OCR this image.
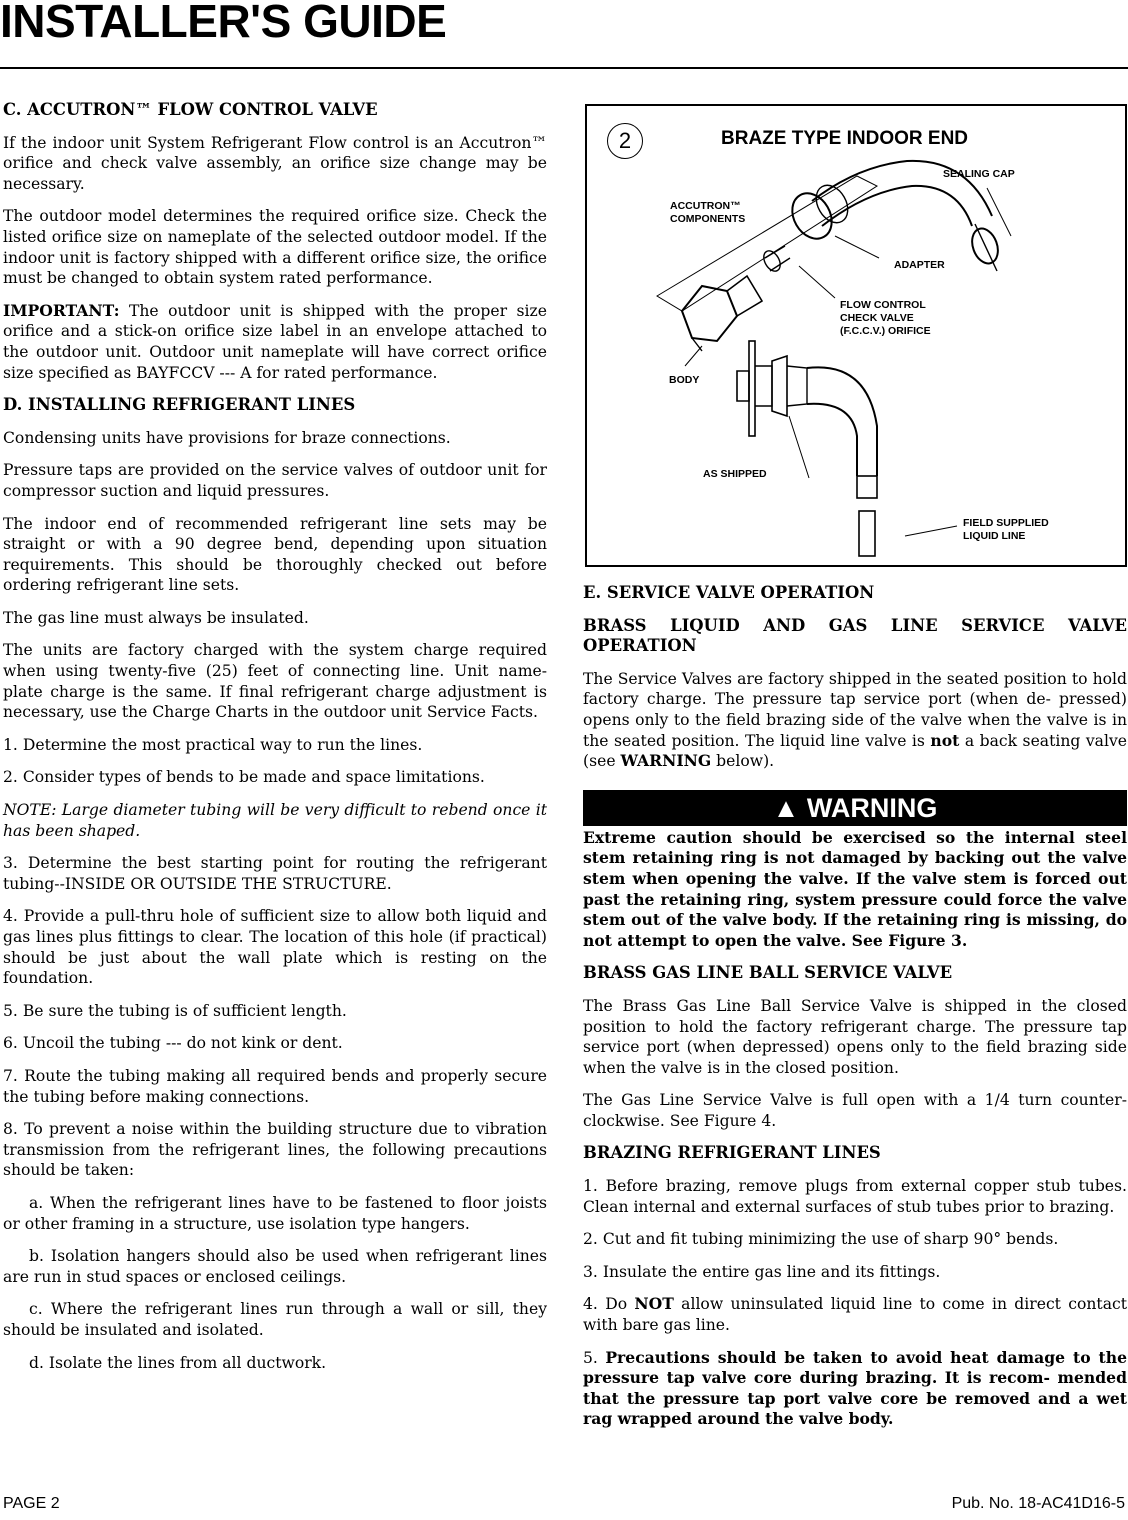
INSTALLER'S GUIDE
C. ACCUTRON™ FLOW CONTROL VALVE

If the indoor unit System Refrigerant Flow control is an Accutron™ orifice and check valve assembly, an orifice size change may be necessary.

The outdoor model determines the required orifice size. Check the listed orifice size on nameplate of the selected outdoor model. If the indoor unit is factory shipped with a different orifice size, the orifice must be changed to obtain system rated performance.

IMPORTANT: The outdoor unit is shipped with the proper size orifice and a stick-on orifice size label in an envelope attached to the outdoor unit. Outdoor unit nameplate will have correct orifice size specified as BAYFCCV --- A for rated performance.

D. INSTALLING REFRIGERANT LINES

Condensing units have provisions for braze connections.

Pressure taps are provided on the service valves of outdoor unit for compressor suction and liquid pressures.

The indoor end of recommended refrigerant line sets may be straight or with a 90 degree bend, depending upon situation requirements. This should be thoroughly checked out before ordering refrigerant line sets.

The gas line must always be insulated.

The units are factory charged with the system charge required when using twenty-five (25) feet of connecting line. Unit name- plate charge is the same. If final refrigerant charge adjustment is necessary, use the Charge Charts in the outdoor unit Service Facts.

1. Determine the most practical way to run the lines.

2. Consider types of bends to be made and space limitations.

NOTE: Large diameter tubing will be very difficult to rebend once it has been shaped.

3. Determine the best starting point for routing the refrigerant tubing--INSIDE OR OUTSIDE THE STRUCTURE.

4. Provide a pull-thru hole of sufficient size to allow both liquid and gas lines plus fittings to clear. The location of this hole (if practical) should be just about the wall plate which is resting on the foundation.

5. Be sure the tubing is of sufficient length.

6. Uncoil the tubing --- do not kink or dent.

7. Route the tubing making all required bends and properly secure the tubing before making connections.

8. To prevent a noise within the building structure due to vibration transmission from the refrigerant lines, the following precautions should be taken:

a. When the refrigerant lines have to be fastened to floor joists or other framing in a structure, use isolation type hangers.

b. Isolation hangers should also be used when refrigerant lines are run in stud spaces or enclosed ceilings.

c. Where the refrigerant lines run through a wall or sill, they should be insulated and isolated.

d. Isolate the lines from all ductwork.

2	BRAZE TYPE INDOOR END
SEALING CAP
ACCUTRON™
COMPONENTS
ADAPTER
FLOW CONTROL
CHECK VALVE
(F.C.C.V.) ORIFICE
BODY
AS SHIPPED
FIELD SUPPLIED
LIQUID LINE
E. SERVICE VALVE OPERATION
BRASS LIQUID AND GAS LINE SERVICE VALVE OPERATION

The Service Valves are factory shipped in the seated position to hold factory charge. The pressure tap service port (when de- pressed) opens only to the field brazing side of the valve when the valve is in the seated position. The liquid line valve is not a back seating valve (see WARNING below).

▲ WARNING

Extreme caution should be exercised so the internal steel stem retaining ring is not damaged by backing out the valve stem when opening the valve. If the valve stem is forced out past the retaining ring, system pressure could force the valve stem out of the valve body. If the retaining ring is missing, do not attempt to open the valve. See Figure 3.

BRASS GAS LINE BALL SERVICE VALVE

The Brass Gas Line Ball Service Valve is shipped in the closed position to hold the factory refrigerant charge. The pressure tap service port (when depressed) opens only to the field brazing side when the valve is in the closed position.

The Gas Line Service Valve is full open with a 1/4 turn counter- clockwise. See Figure 4.

BRAZING REFRIGERANT LINES

1. Before brazing, remove plugs from external copper stub tubes. Clean internal and external surfaces of stub tubes prior to brazing.

2. Cut and fit tubing minimizing the use of sharp 90° bends.

3. Insulate the entire gas line and its fittings.

4. Do NOT allow uninsulated liquid line to come in direct contact with bare gas line.

5. Precautions should be taken to avoid heat damage to the pressure tap valve core during brazing. It is recom- mended that the pressure tap port valve core be removed and a wet rag wrapped around the valve body.

PAGE 2	Pub. No. 18-AC41D16-5
